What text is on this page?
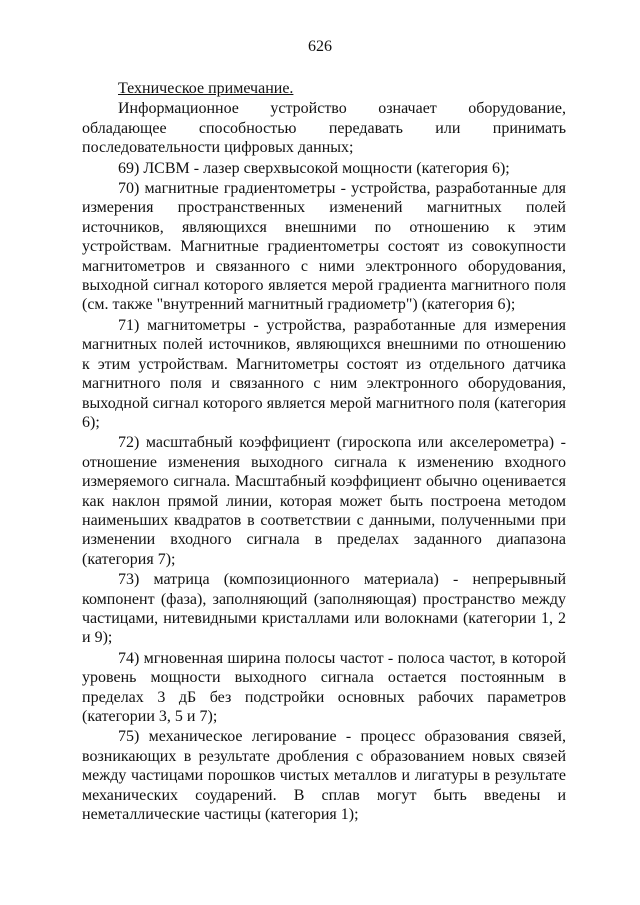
626

Техническое примечание.

Информационное устройство означает оборудование, обладающее способностью передавать или принимать последовательности цифровых данных;

69) ЛСВМ - лазер сверхвысокой мощности (категория 6);

70) магнитные градиентометры - устройства, разработанные для измерения пространственных изменений магнитных полей источников, являющихся внешними по отношению к этим устройствам. Магнитные градиентометры состоят из совокупности магнитометров и связанного с ними электронного оборудования, выходной сигнал которого является мерой градиента магнитного поля (см. также "внутренний магнитный градиометр") (категория 6);

71) магнитометры - устройства, разработанные для измерения магнитных полей источников, являющихся внешними по отношению к этим устройствам. Магнитометры состоят из отдельного датчика магнитного поля и связанного с ним электронного оборудования, выходной сигнал которого является мерой магнитного поля (категория 6);

72) масштабный коэффициент (гироскопа или акселерометра) - отношение изменения выходного сигнала к изменению входного измеряемого сигнала. Масштабный коэффициент обычно оценивается как наклон прямой линии, которая может быть построена методом наименьших квадратов в соответствии с данными, полученными при изменении входного сигнала в пределах заданного диапазона (категория 7);

73) матрица (композиционного материала) - непрерывный компонент (фаза), заполняющий (заполняющая) пространство между частицами, нитевидными кристаллами или волокнами (категории 1, 2 и 9);

74) мгновенная ширина полосы частот - полоса частот, в которой уровень мощности выходного сигнала остается постоянным в пределах 3 дБ без подстройки основных рабочих параметров (категории 3, 5 и 7);

75) механическое легирование - процесс образования связей, возникающих в результате дробления с образованием новых связей между частицами порошков чистых металлов и лигатуры в результате механических соударений. В сплав могут быть введены и неметаллические частицы (категория 1);
